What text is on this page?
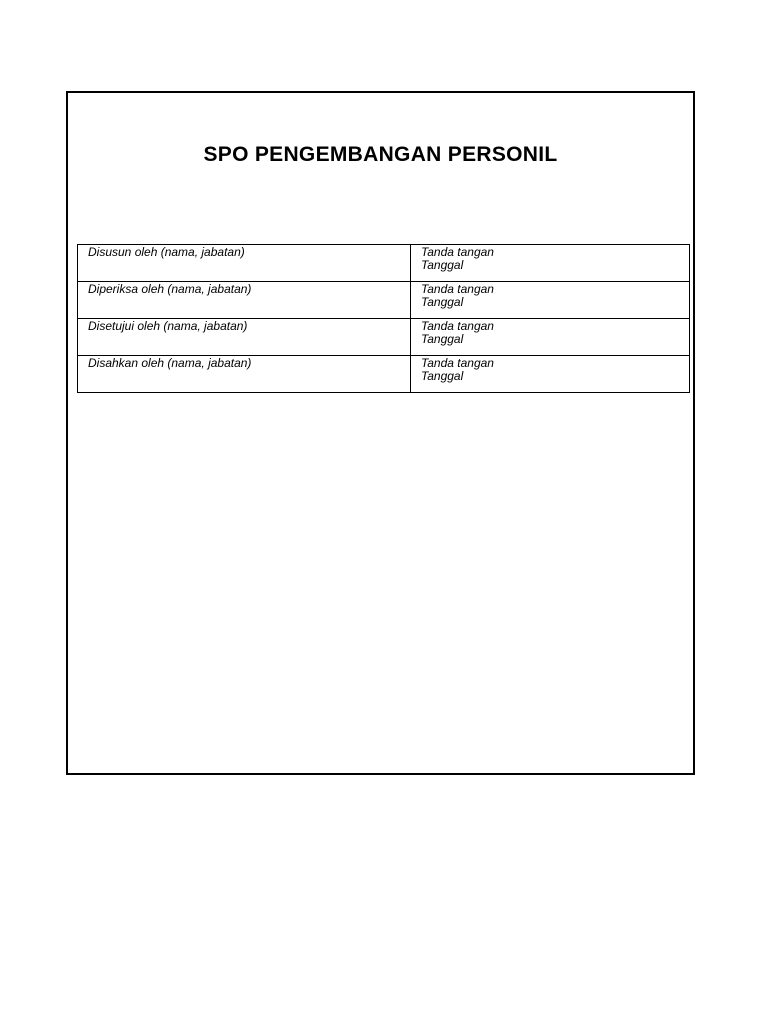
SPO PENGEMBANGAN PERSONIL
Disusun oleh (nama, jabatan)	Tanda tangan
Tanggal

Diperiksa oleh (nama, jabatan)	Tanda tangan
Tanggal

Disetujui oleh (nama, jabatan)	Tanda tangan
Tanggal

Disahkan oleh (nama, jabatan)	Tanda tangan
Tanggal
